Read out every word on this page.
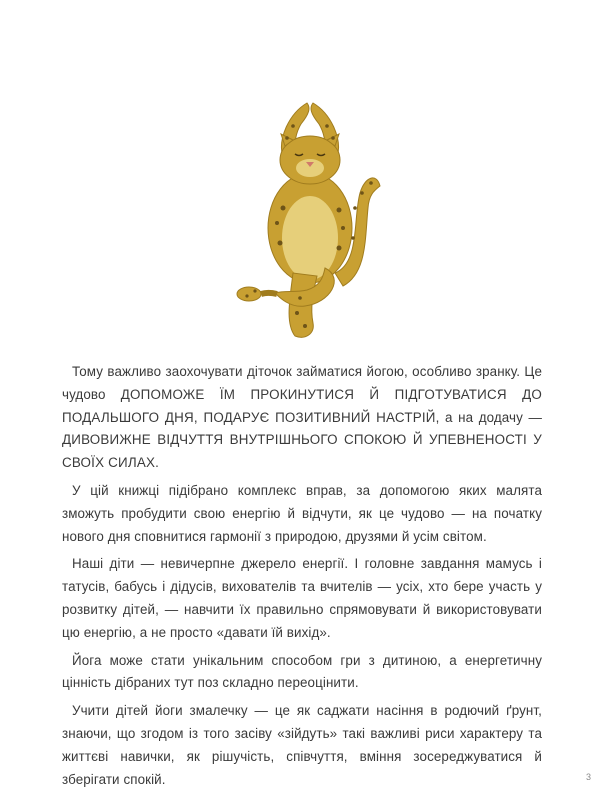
Тому важливо заохочувати діточок займатися йогою, особливо зранку. Це чудово ДОПОМОЖЕ ЇМ ПРОКИНУТИСЯ Й ПІДГОТУВАТИСЯ ДО ПОДАЛЬШОГО ДНЯ, ПОДАРУЄ ПОЗИТИВНИЙ НАСТРІЙ, а на додачу — ДИВОВИЖНЕ ВІДЧУТТЯ ВНУТРІШНЬОГО СПОКОЮ Й УПЕВНЕНОСТІ У СВОЇХ СИЛАХ.

У цій книжці підібрано комплекс вправ, за допомогою яких малята зможуть пробудити свою енергію й відчути, як це чудово — на початку нового дня сповнитися гармонії з природою, друзями й усім світом.

Наші діти — невичерпне джерело енергії. І головне завдання мамусь і татусів, бабусь і дідусів, вихователів та вчителів — усіх, хто бере участь у розвитку дітей, — навчити їх правильно спрямовувати й використовувати цю енергію, а не просто «давати їй вихід».

Йога може стати унікальним способом гри з дитиною, а енергетичну цінність дібраних тут поз складно переоцінити.

Учити дітей йоги змалечку — це як саджати насіння в родючий ґрунт, знаючи, що згодом із того засіву «зійдуть» такі важливі риси характеру та життєві навички, як рішучість, співчуття, вміння зосереджуватися й зберігати спокій.	3
